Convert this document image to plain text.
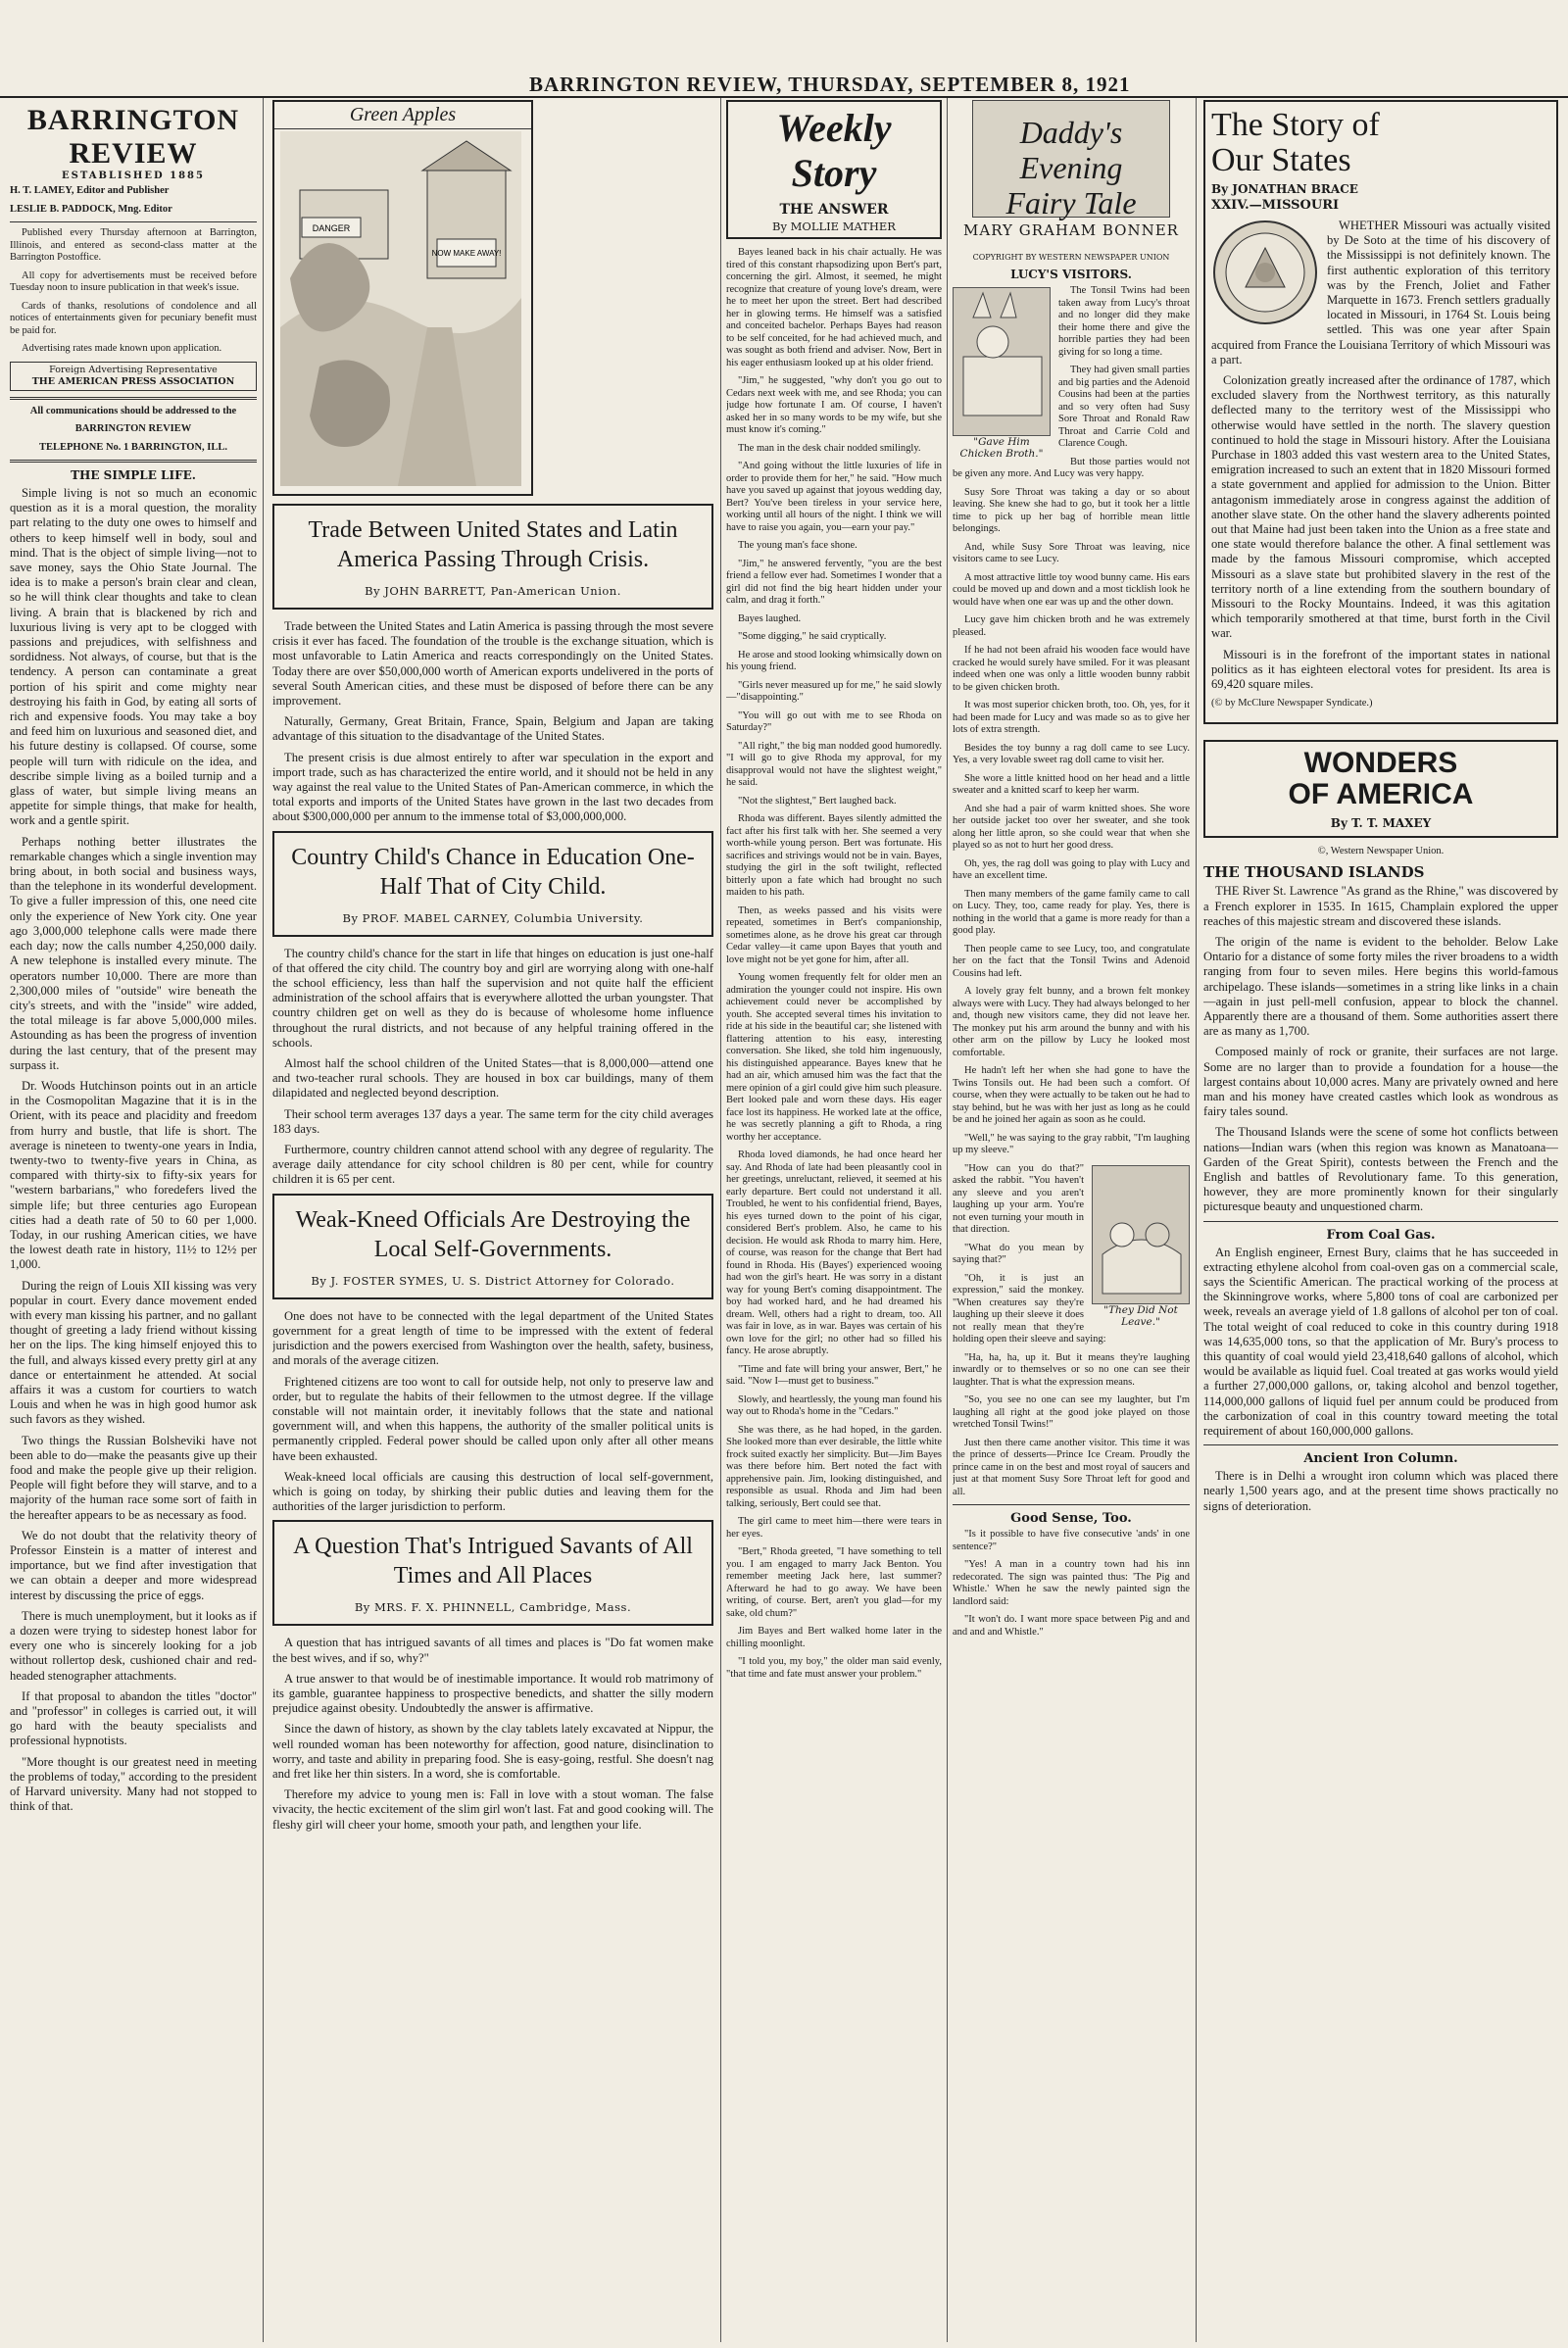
BARRINGTON REVIEW, THURSDAY, SEPTEMBER 8, 1921
BARRINGTON REVIEW
ESTABLISHED 1885
H. T. LAMEY, Editor and Publisher
LESLIE B. PADDOCK, Mng. Editor
Published every Thursday afternoon at Barrington, Illinois, and entered as second-class matter at the Barrington Postoffice.
All copy for advertisements must be received before Tuesday noon to insure publication in that week's issue.
Cards of thanks, resolutions of condolence and all notices of entertainments given for pecuniary benefit must be paid for.
Advertising rates made known upon application.
Foreign Advertising Representative
THE AMERICAN PRESS ASSOCIATION
All communications should be addressed to the
BARRINGTON REVIEW
TELEPHONE No. 1 BARRINGTON, ILL.
THE SIMPLE LIFE.

Simple living is not so much an economic question as it is a moral question, the morality part relating to the duty one owes to himself and others to keep himself well in body, soul and mind. That is the object of simple living—not to save money, says the Ohio State Journal. The idea is to make a person's brain clear and clean, so he will think clear thoughts and take to clean living. A brain that is blackened by rich and luxurious living is very apt to be clogged with passions and prejudices, with selfishness and sordidness. Not always, of course, but that is the tendency. A person can contaminate a great portion of his spirit and come mighty near destroying his faith in God, by eating all sorts of rich and expensive foods. You may take a boy and feed him on luxurious and seasoned diet, and his future destiny is collapsed. Of course, some people will turn with ridicule on the idea, and describe simple living as a boiled turnip and a glass of water, but simple living means an appetite for simple things, that make for health, work and a gentle spirit.

Perhaps nothing better illustrates the remarkable changes which a single invention may bring about, in both social and business ways, than the telephone in its wonderful development. To give a fuller impression of this, one need cite only the experience of New York city. One year ago 3,000,000 telephone calls were made there each day; now the calls number 4,250,000 daily. A new telephone is installed every minute. The operators number 10,000. There are more than 2,300,000 miles of "outside" wire beneath the city's streets, and with the "inside" wire added, the total mileage is far above 5,000,000 miles. Astounding as has been the progress of invention during the last century, that of the present may surpass it.

Dr. Woods Hutchinson points out in an article in the Cosmopolitan Magazine that it is in the Orient, with its peace and placidity and freedom from hurry and bustle, that life is short. The average is nineteen to twenty-one years in India, twenty-two to twenty-five years in China, as compared with thirty-six to fifty-six years for "western barbarians," who foredefers lived the simple life; but three centuries ago European cities had a death rate of 50 to 60 per 1,000. Today, in our rushing American cities, we have the lowest death rate in history, 11½ to 12½ per 1,000.

During the reign of Louis XII kissing was very popular in court. Every dance movement ended with every man kissing his partner, and no gallant thought of greeting a lady friend without kissing her on the lips. The king himself enjoyed this to the full, and always kissed every pretty girl at any dance or entertainment he attended. At social affairs it was a custom for courtiers to watch Louis and when he was in high good humor ask such favors as they wished.

Two things the Russian Bolsheviki have not been able to do—make the peasants give up their food and make the people give up their religion. People will fight before they will starve, and to a majority of the human race some sort of faith in the hereafter appears to be as necessary as food.

We do not doubt that the relativity theory of Professor Einstein is a matter of interest and importance, but we find after investigation that we can obtain a deeper and more widespread interest by discussing the price of eggs.

There is much unemployment, but it looks as if a dozen were trying to sidestep honest labor for every one who is sincerely looking for a job without rollertop desk, cushioned chair and red-headed stenographer attachments.

If that proposal to abandon the titles "doctor" and "professor" in colleges is carried out, it will go hard with the beauty specialists and professional hypnotists.

"More thought is our greatest need in meeting the problems of today," according to the president of Harvard university. Many had not stopped to think of that.

Green Apples
DANGER
NOW MAKE AWAY!
Trade Between United States and Latin America Passing Through Crisis.
By JOHN BARRETT, Pan-American Union.

Trade between the United States and Latin America is passing through the most severe crisis it ever has faced. The foundation of the trouble is the exchange situation, which is most unfavorable to Latin America and reacts correspondingly on the United States. Today there are over $50,000,000 worth of American exports undelivered in the ports of several South American cities, and these must be disposed of before there can be any improvement.

Naturally, Germany, Great Britain, France, Spain, Belgium and Japan are taking advantage of this situation to the disadvantage of the United States.

The present crisis is due almost entirely to after war speculation in the export and import trade, such as has characterized the entire world, and it should not be held in any way against the real value to the United States of Pan-American commerce, in which the total exports and imports of the United States have grown in the last two decades from about $300,000,000 per annum to the immense total of $3,000,000,000.

Country Child's Chance in Education One-Half That of City Child.
By PROF. MABEL CARNEY, Columbia University.

The country child's chance for the start in life that hinges on education is just one-half of that offered the city child. The country boy and girl are worrying along with one-half the school efficiency, less than half the supervision and not quite half the efficient administration of the school affairs that is everywhere allotted the urban youngster. That country children get on well as they do is because of wholesome home influence throughout the rural districts, and not because of any helpful training offered in the schools.

Almost half the school children of the United States—that is 8,000,000—attend one and two-teacher rural schools. They are housed in box car buildings, many of them dilapidated and neglected beyond description.

Their school term averages 137 days a year. The same term for the city child averages 183 days.

Furthermore, country children cannot attend school with any degree of regularity. The average daily attendance for city school children is 80 per cent, while for country children it is 65 per cent.

Weak-Kneed Officials Are Destroying the Local Self-Governments.
By J. FOSTER SYMES, U. S. District Attorney for Colorado.

One does not have to be connected with the legal department of the United States government for a great length of time to be impressed with the extent of federal jurisdiction and the powers exercised from Washington over the health, safety, business, and morals of the average citizen.

Frightened citizens are too wont to call for outside help, not only to preserve law and order, but to regulate the habits of their fellowmen to the utmost degree. If the village constable will not maintain order, it inevitably follows that the state and national government will, and when this happens, the authority of the smaller political units is permanently crippled. Federal power should be called upon only after all other means have been exhausted.

Weak-kneed local officials are causing this destruction of local self-government, which is going on today, by shirking their public duties and leaving them for the authorities of the larger jurisdiction to perform.

A Question That's Intrigued Savants of All Times and All Places
By MRS. F. X. PHINNELL, Cambridge, Mass.

A question that has intrigued savants of all times and places is "Do fat women make the best wives, and if so, why?"

A true answer to that would be of inestimable importance. It would rob matrimony of its gamble, guarantee happiness to prospective benedicts, and shatter the silly modern prejudice against obesity. Undoubtedly the answer is affirmative.

Since the dawn of history, as shown by the clay tablets lately excavated at Nippur, the well rounded woman has been noteworthy for affection, good nature, disinclination to worry, and taste and ability in preparing food. She is easy-going, restful. She doesn't nag and fret like her thin sisters. In a word, she is comfortable.

Therefore my advice to young men is: Fall in love with a stout woman. The false vivacity, the hectic excitement of the slim girl won't last. Fat and good cooking will. The fleshy girl will cheer your home, smooth your path, and lengthen your life.

Weekly Story
THE ANSWER
By MOLLIE MATHER

Bayes leaned back in his chair actually. He was tired of this constant rhapsodizing upon Bert's part, concerning the girl. Almost, it seemed, he might recognize that creature of young love's dream, were he to meet her upon the street. Bert had described her in glowing terms. He himself was a satisfied and conceited bachelor. Perhaps Bayes had reason to be self conceited, for he had achieved much, and was sought as both friend and adviser. Now, Bert in his eager enthusiasm looked up at his older friend.

"Jim," he suggested, "why don't you go out to Cedars next week with me, and see Rhoda; you can judge how fortunate I am. Of course, I haven't asked her in so many words to be my wife, but she must know it's coming."

The man in the desk chair nodded smilingly.

"And going without the little luxuries of life in order to provide them for her," he said. "How much have you saved up against that joyous wedding day, Bert? You've been tireless in your service here, working until all hours of the night. I think we will have to raise you again, you—earn your pay."

The young man's face shone.

"Jim," he answered fervently, "you are the best friend a fellow ever had. Sometimes I wonder that a girl did not find the big heart hidden under your calm, and drag it forth."

Bayes laughed.

"Some digging," he said cryptically.

He arose and stood looking whimsically down on his young friend.

"Girls never measured up for me," he said slowly—"disappointing."

"You will go out with me to see Rhoda on Saturday?"

"All right," the big man nodded good humoredly. "I will go to give Rhoda my approval, for my disapproval would not have the slightest weight," he said.

"Not the slightest," Bert laughed back.

Rhoda was different. Bayes silently admitted the fact after his first talk with her. She seemed a very worth-while young person. Bert was fortunate. His sacrifices and strivings would not be in vain. Bayes, studying the girl in the soft twilight, reflected bitterly upon a fate which had brought no such maiden to his path.

Then, as weeks passed and his visits were repeated, sometimes in Bert's companionship, sometimes alone, as he drove his great car through Cedar valley—it came upon Bayes that youth and love might not be yet gone for him, after all.

Young women frequently felt for older men an admiration the younger could not inspire. His own achievement could never be accomplished by youth. She accepted several times his invitation to ride at his side in the beautiful car; she listened with flattering attention to his easy, interesting conversation. She liked, she told him ingenuously, his distinguished appearance. Bayes knew that he had an air, which amused him was the fact that the mere opinion of a girl could give him such pleasure. Bert looked pale and worn these days. His eager face lost its happiness. He worked late at the office, he was secretly planning a gift to Rhoda, a ring worthy her acceptance.

Rhoda loved diamonds, he had once heard her say. And Rhoda of late had been pleasantly cool in her greetings, unreluctant, relieved, it seemed at his early departure. Bert could not understand it all. Troubled, he went to his confidential friend, Bayes, his eyes turned down to the point of his cigar, considered Bert's problem. Also, he came to his decision. He would ask Rhoda to marry him. Here, of course, was reason for the change that Bert had found in Rhoda. His (Bayes') experienced wooing had won the girl's heart. He was sorry in a distant way for young Bert's coming disappointment. The boy had worked hard, and he had dreamed his dream. Well, others had a right to dream, too. All was fair in love, as in war. Bayes was certain of his own love for the girl; no other had so filled his fancy. He arose abruptly.

"Time and fate will bring your answer, Bert," he said. "Now I—must get to business."

Slowly, and heartlessly, the young man found his way out to Rhoda's home in the "Cedars."

She was there, as he had hoped, in the garden. She looked more than ever desirable, the little white frock suited exactly her simplicity. But—Jim Bayes was there before him. Bert noted the fact with apprehensive pain. Jim, looking distinguished, and responsible as usual. Rhoda and Jim had been talking, seriously, Bert could see that.

The girl came to meet him—there were tears in her eyes.

"Bert," Rhoda greeted, "I have something to tell you. I am engaged to marry Jack Benton. You remember meeting Jack here, last summer? Afterward he had to go away. We have been writing, of course. Bert, aren't you glad—for my sake, old chum?"

Jim Bayes and Bert walked home later in the chilling moonlight.

"I told you, my boy," the older man said evenly, "that time and fate must answer your problem."

Daddy's Evening
Fairy Tale
MARY GRAHAM BONNER
COPYRIGHT BY WESTERN NEWSPAPER UNION
LUCY'S VISITORS.
"Gave Him Chicken Broth."

The Tonsil Twins had been taken away from Lucy's throat and no longer did they make their home there and give the horrible parties they had been giving for so long a time.

They had given small parties and big parties and the Adenoid Cousins had been at the parties and so very often had Susy Sore Throat and Ronald Raw Throat and Carrie Cold and Clarence Cough.

But those parties would not be given any more. And Lucy was very happy.

Susy Sore Throat was taking a day or so about leaving. She knew she had to go, but it took her a little time to pick up her bag of horrible mean little belongings.

And, while Susy Sore Throat was leaving, nice visitors came to see Lucy.

A most attractive little toy wood bunny came. His ears could be moved up and down and a most ticklish look he would have when one ear was up and the other down.

Lucy gave him chicken broth and he was extremely pleased.

If he had not been afraid his wooden face would have cracked he would surely have smiled. For it was pleasant indeed when one was only a little wooden bunny rabbit to be given chicken broth.

It was most superior chicken broth, too. Oh, yes, for it had been made for Lucy and was made so as to give her lots of extra strength.

Besides the toy bunny a rag doll came to see Lucy. Yes, a very lovable sweet rag doll came to visit her.

She wore a little knitted hood on her head and a little sweater and a knitted scarf to keep her warm.

And she had a pair of warm knitted shoes. She wore her outside jacket too over her sweater, and she took along her little apron, so she could wear that when she played so as not to hurt her good dress.

Oh, yes, the rag doll was going to play with Lucy and have an excellent time.

Then many members of the game family came to call on Lucy. They, too, came ready for play. Yes, there is nothing in the world that a game is more ready for than a good play.

Then people came to see Lucy, too, and congratulate her on the fact that the Tonsil Twins and Adenoid Cousins had left.

A lovely gray felt bunny, and a brown felt monkey always were with Lucy. They had always belonged to her and, though new visitors came, they did not leave her. The monkey put his arm around the bunny and with his other arm on the pillow by Lucy he looked most comfortable.

He hadn't left her when she had gone to have the Twins Tonsils out. He had been such a comfort. Of course, when they were actually to be taken out he had to stay behind, but he was with her just as long as he could be and he joined her again as soon as he could.

"Well," he was saying to the gray rabbit, "I'm laughing up my sleeve."

"They Did Not Leave."

"How can you do that?" asked the rabbit. "You haven't any sleeve and you aren't laughing up your arm. You're not even turning your mouth in that direction.

"What do you mean by saying that?"

"Oh, it is just an expression," said the monkey. "When creatures say they're laughing up their sleeve it does not really mean that they're holding open their sleeve and saying:

"Ha, ha, ha, up it. But it means they're laughing inwardly or to themselves or so no one can see their laughter. That is what the expression means.

"So, you see no one can see my laughter, but I'm laughing all right at the good joke played on those wretched Tonsil Twins!"

Just then there came another visitor. This time it was the prince of desserts—Prince Ice Cream. Proudly the prince came in on the best and most royal of saucers and just at that moment Susy Sore Throat left for good and all.

Good Sense, Too.

"Is it possible to have five consecutive 'ands' in one sentence?"

"Yes! A man in a country town had his inn redecorated. The sign was painted thus: 'The Pig and Whistle.' When he saw the newly painted sign the landlord said:

"It won't do. I want more space between Pig and and and and and Whistle."

The Story of
Our States
By JONATHAN BRACE
XXIV.—MISSOURI

WHETHER Missouri was actually visited by De Soto at the time of his discovery of the Mississippi is not definitely known. The first authentic exploration of this territory was by the French, Joliet and Father Marquette in 1673. French settlers gradually located in Missouri, in 1764 St. Louis being settled. This was one year after Spain acquired from France the Louisiana Territory of which Missouri was a part.

Colonization greatly increased after the ordinance of 1787, which excluded slavery from the Northwest territory, as this naturally deflected many to the territory west of the Mississippi who otherwise would have settled in the north. The slavery question continued to hold the stage in Missouri history. After the Louisiana Purchase in 1803 added this vast western area to the United States, emigration increased to such an extent that in 1820 Missouri formed a state government and applied for admission to the Union. Bitter antagonism immediately arose in congress against the addition of another slave state. On the other hand the slavery adherents pointed out that Maine had just been taken into the Union as a free state and one state would therefore balance the other. A final settlement was made by the famous Missouri compromise, which accepted Missouri as a slave state but prohibited slavery in the rest of the territory north of a line extending from the southern boundary of Missouri to the Rocky Mountains. Indeed, it was this agitation which temporarily smothered at that time, burst forth in the Civil war.

Missouri is in the forefront of the important states in national politics as it has eighteen electoral votes for president. Its area is 69,420 square miles.

(© by McClure Newspaper Syndicate.)
WONDERS
OF AMERICA
By T. T. MAXEY
©, Western Newspaper Union.
THE THOUSAND ISLANDS

THE River St. Lawrence "As grand as the Rhine," was discovered by a French explorer in 1535. In 1615, Champlain explored the upper reaches of this majestic stream and discovered these islands.

The origin of the name is evident to the beholder. Below Lake Ontario for a distance of some forty miles the river broadens to a width ranging from four to seven miles. Here begins this world-famous archipelago. These islands—sometimes in a string like links in a chain—again in just pell-mell confusion, appear to block the channel. Apparently there are a thousand of them. Some authorities assert there are as many as 1,700.

Composed mainly of rock or granite, their surfaces are not large. Some are no larger than to provide a foundation for a house—the largest contains about 10,000 acres. Many are privately owned and here man and his money have created castles which look as wondrous as fairy tales sound.

The Thousand Islands were the scene of some hot conflicts between nations—Indian wars (when this region was known as Manatoana—Garden of the Great Spirit), contests between the French and the English and battles of Revolutionary fame. To this generation, however, they are more prominently known for their singularly picturesque beauty and unquestioned charm.

From Coal Gas.

An English engineer, Ernest Bury, claims that he has succeeded in extracting ethylene alcohol from coal-oven gas on a commercial scale, says the Scientific American. The practical working of the process at the Skinningrove works, where 5,800 tons of coal are carbonized per week, reveals an average yield of 1.8 gallons of alcohol per ton of coal. The total weight of coal reduced to coke in this country during 1918 was 14,635,000 tons, so that the application of Mr. Bury's process to this quantity of coal would yield 23,418,640 gallons of alcohol, which would be available as liquid fuel. Coal treated at gas works would yield a further 27,000,000 gallons, or, taking alcohol and benzol together, 114,000,000 gallons of liquid fuel per annum could be produced from the carbonization of coal in this country toward meeting the total requirement of about 160,000,000 gallons.

Ancient Iron Column.

There is in Delhi a wrought iron column which was placed there nearly 1,500 years ago, and at the present time shows practically no signs of deterioration.
